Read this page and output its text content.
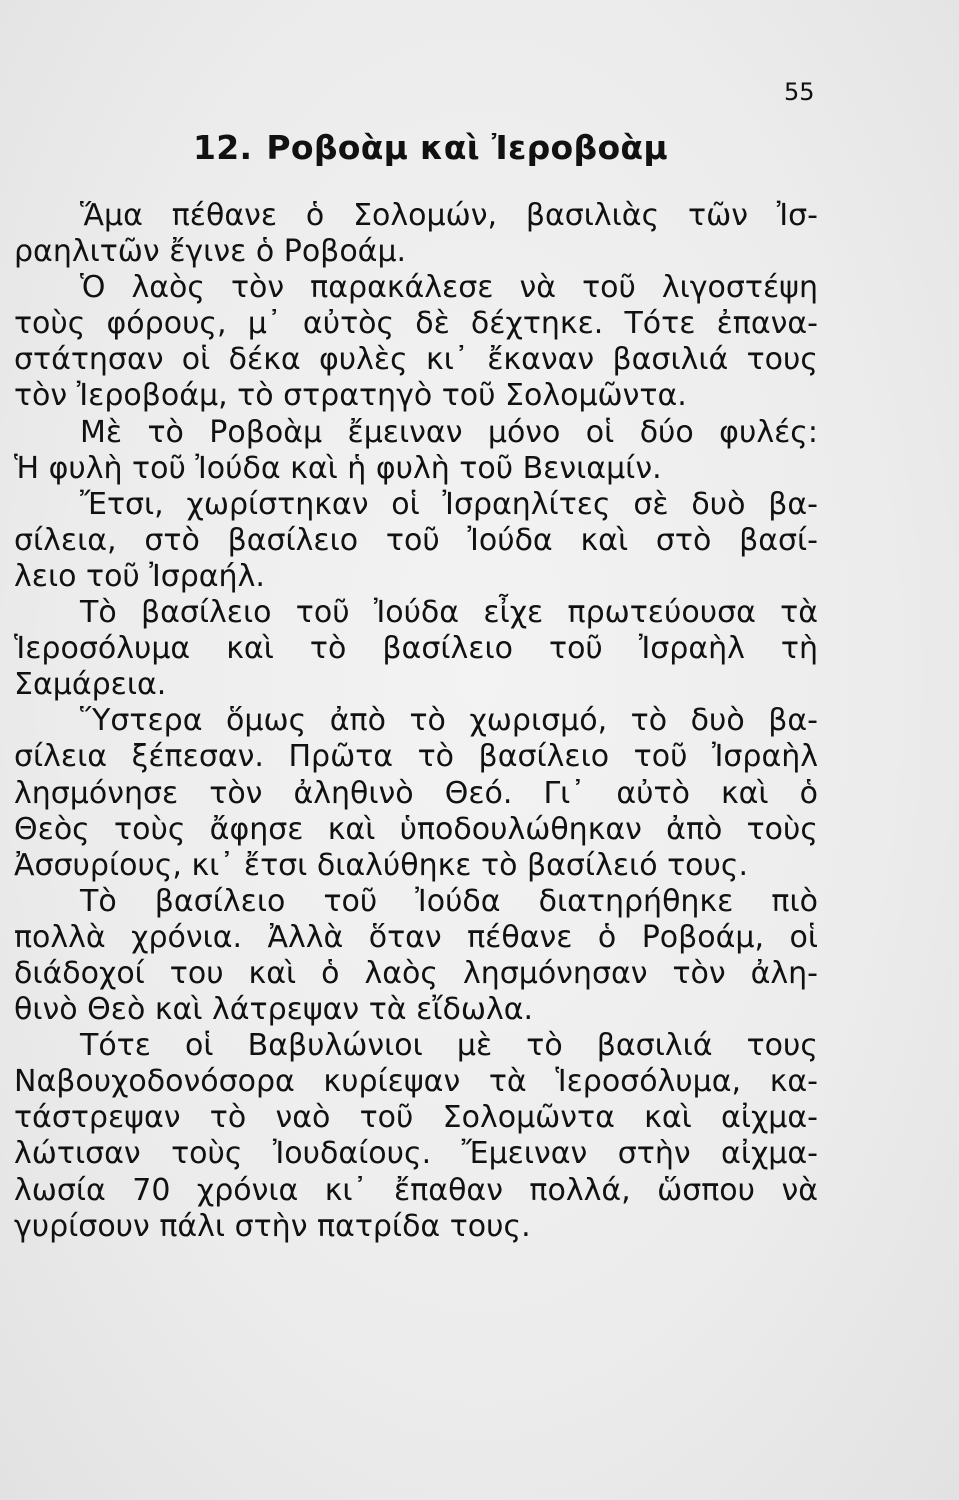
55
12. Ροβοὰμ καὶ Ἰεροβοὰμ
Ἅμα πέθανε ὁ Σολομών, βασιλιὰς τῶν Ἰσ-
ραηλιτῶν ἔγινε ὁ Ροβοάμ.
Ὁ λαὸς τὸν παρακάλεσε νὰ τοῦ λιγοστέψη
τοὺς φόρους, μ᾿ αὐτὸς δὲ δέχτηκε. Τότε ἐπανα-
στάτησαν οἱ δέκα φυλὲς κι᾿ ἔκαναν βασιλιά τους
τὸν Ἰεροβοάμ, τὸ στρατηγὸ τοῦ Σολομῶντα.
Μὲ τὸ Ροβοὰμ ἔμειναν μόνο οἱ δύο φυλές:
Ἡ φυλὴ τοῦ Ἰούδα καὶ ἡ φυλὴ τοῦ Βενιαμίν.
Ἔτσι, χωρίστηκαν οἱ Ἰσραηλίτες σὲ δυὸ βα-
σίλεια, στὸ βασίλειο τοῦ Ἰούδα καὶ στὸ βασί-
λειο τοῦ Ἰσραήλ.
Τὸ βασίλειο τοῦ Ἰούδα εἶχε πρωτεύουσα τὰ
Ἱεροσόλυμα καὶ τὸ βασίλειο τοῦ Ἰσραὴλ τὴ
Σαμάρεια.
Ὕστερα ὅμως ἀπὸ τὸ χωρισμό, τὸ δυὸ βα-
σίλεια ξέπεσαν. Πρῶτα τὸ βασίλειο τοῦ Ἰσραὴλ
λησμόνησε τὸν ἀληθινὸ Θεό. Γι᾿ αὐτὸ καὶ ὁ
Θεὸς τοὺς ἄφησε καὶ ὑποδουλώθηκαν ἀπὸ τοὺς
Ἀσσυρίους, κι᾿ ἔτσι διαλύθηκε τὸ βασίλειό τους.
Τὸ βασίλειο τοῦ Ἰούδα διατηρήθηκε πιὸ
πολλὰ χρόνια. Ἀλλὰ ὅταν πέθανε ὁ Ροβοάμ, οἱ
διάδοχοί του καὶ ὁ λαὸς λησμόνησαν τὸν ἀλη-
θινὸ Θεὸ καὶ λάτρεψαν τὰ εἴδωλα.
Τότε οἱ Βαβυλώνιοι μὲ τὸ βασιλιά τους
Ναβουχοδονόσορα κυρίεψαν τὰ Ἱεροσόλυμα, κα-
τάστρεψαν τὸ ναὸ τοῦ Σολομῶντα καὶ αἰχμα-
λώτισαν τοὺς Ἰουδαίους. Ἔμειναν στὴν αἰχμα-
λωσία 70 χρόνια κι᾿ ἔπαθαν πολλά, ὥσπου νὰ
γυρίσουν πάλι στὴν πατρίδα τους.
